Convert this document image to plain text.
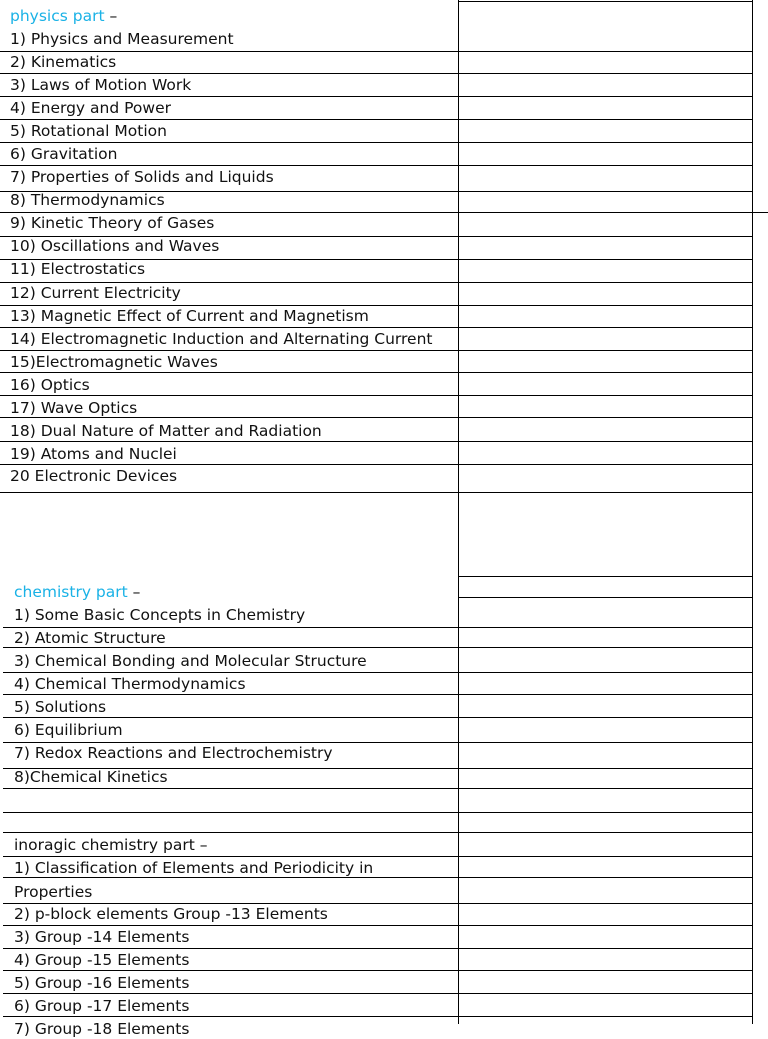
physics part –
1) Physics and Measurement
2) Kinematics
3) Laws of Motion Work
4) Energy and Power
5) Rotational Motion
6) Gravitation
7) Properties of Solids and Liquids
8) Thermodynamics
9) Kinetic Theory of Gases
10) Oscillations and Waves
11) Electrostatics
12) Current Electricity
13) Magnetic Effect of Current and Magnetism
14) Electromagnetic Induction and Alternating Current
15)Electromagnetic Waves
16) Optics
17) Wave Optics
18) Dual Nature of Matter and Radiation
19) Atoms and Nuclei
20 Electronic Devices
chemistry part –
1) Some Basic Concepts in Chemistry
2) Atomic Structure
3) Chemical Bonding and Molecular Structure
4) Chemical Thermodynamics
5) Solutions
6) Equilibrium
7) Redox Reactions and Electrochemistry
8)Chemical Kinetics
inoragic chemistry part –
1) Classification of Elements and Periodicity in
Properties
2) p-block elements Group -13 Elements
3) Group -14 Elements
4) Group -15 Elements
5) Group -16 Elements
6) Group -17 Elements
7) Group -18 Elements
